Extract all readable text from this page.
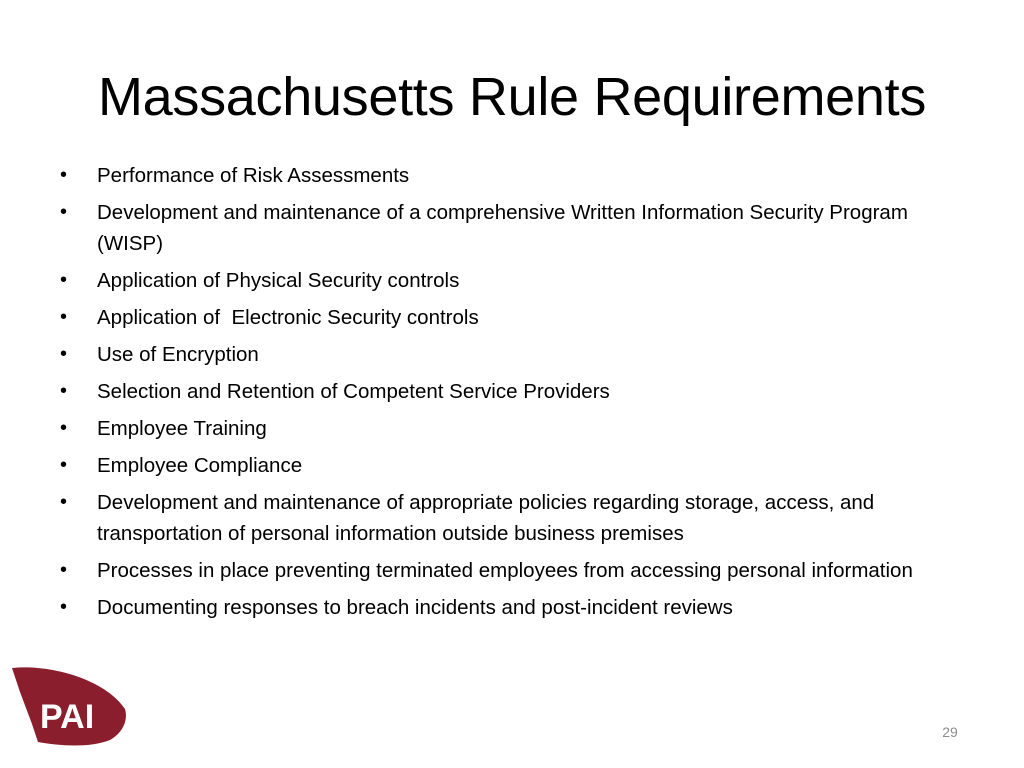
Massachusetts Rule Requirements
• Performance of Risk Assessments
• Development and maintenance of a comprehensive Written Information Security Program (WISP)
• Application of Physical Security controls
• Application of  Electronic Security controls
• Use of Encryption
• Selection and Retention of Competent Service Providers
• Employee Training
• Employee Compliance
• Development and maintenance of appropriate policies regarding storage, access, and transportation of personal information outside business premises
• Processes in place preventing terminated employees from accessing personal information
• Documenting responses to breach incidents and post-incident reviews
PAI	29
